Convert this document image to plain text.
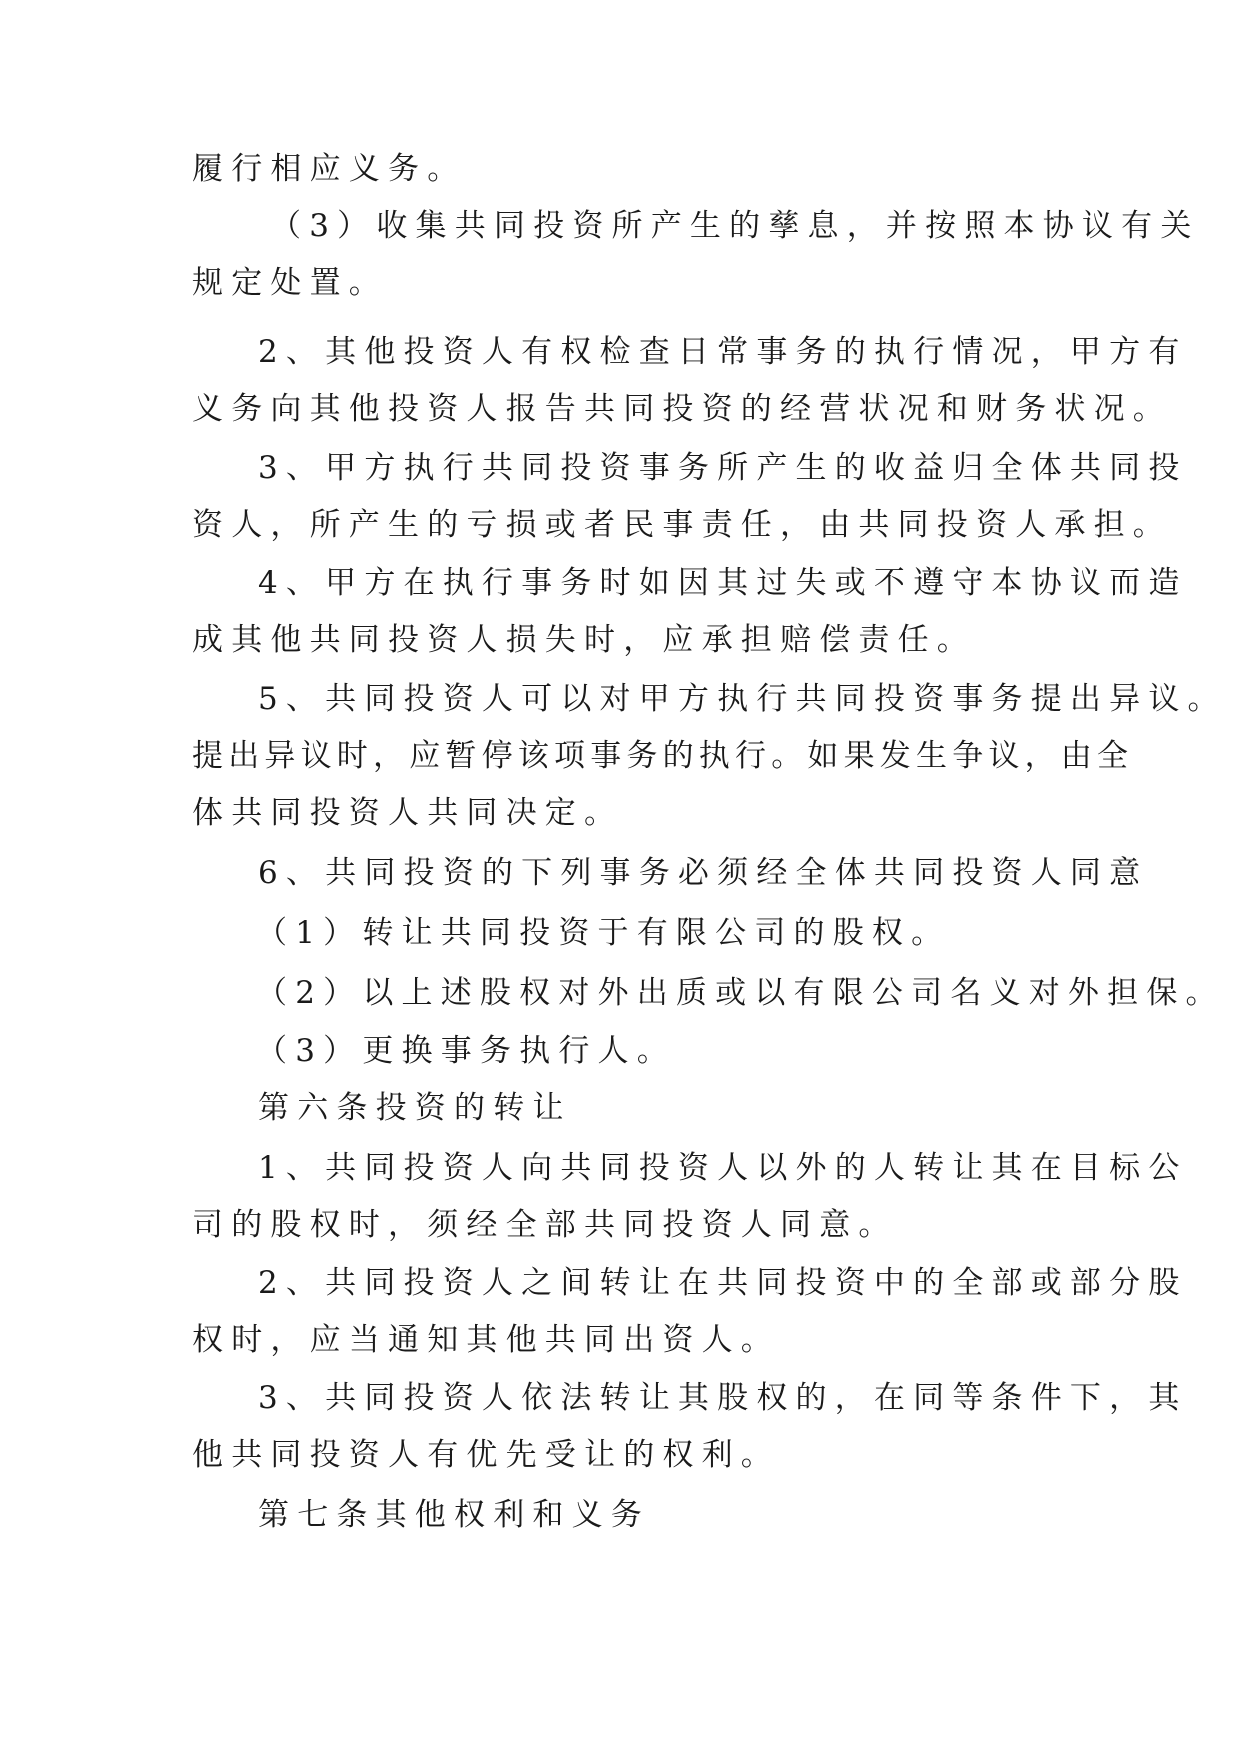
履行相应义务。
（3）收集共同投资所产生的孳息，并按照本协议有关
规定处置。
2、其他投资人有权检查日常事务的执行情况，甲方有
义务向其他投资人报告共同投资的经营状况和财务状况。
3、甲方执行共同投资事务所产生的收益归全体共同投
资人，所产生的亏损或者民事责任，由共同投资人承担。
4、甲方在执行事务时如因其过失或不遵守本协议而造
成其他共同投资人损失时，应承担赔偿责任。
5、共同投资人可以对甲方执行共同投资事务提出异议。
提出异议时，应暂停该项事务的执行。如果发生争议，由全
体共同投资人共同决定。
6、共同投资的下列事务必须经全体共同投资人同意
（1）转让共同投资于有限公司的股权。
（2）以上述股权对外出质或以有限公司名义对外担保。
（3）更换事务执行人。
第六条投资的转让
1、共同投资人向共同投资人以外的人转让其在目标公
司的股权时，须经全部共同投资人同意。
2、共同投资人之间转让在共同投资中的全部或部分股
权时，应当通知其他共同出资人。
3、共同投资人依法转让其股权的，在同等条件下，其
他共同投资人有优先受让的权利。
第七条其他权利和义务
